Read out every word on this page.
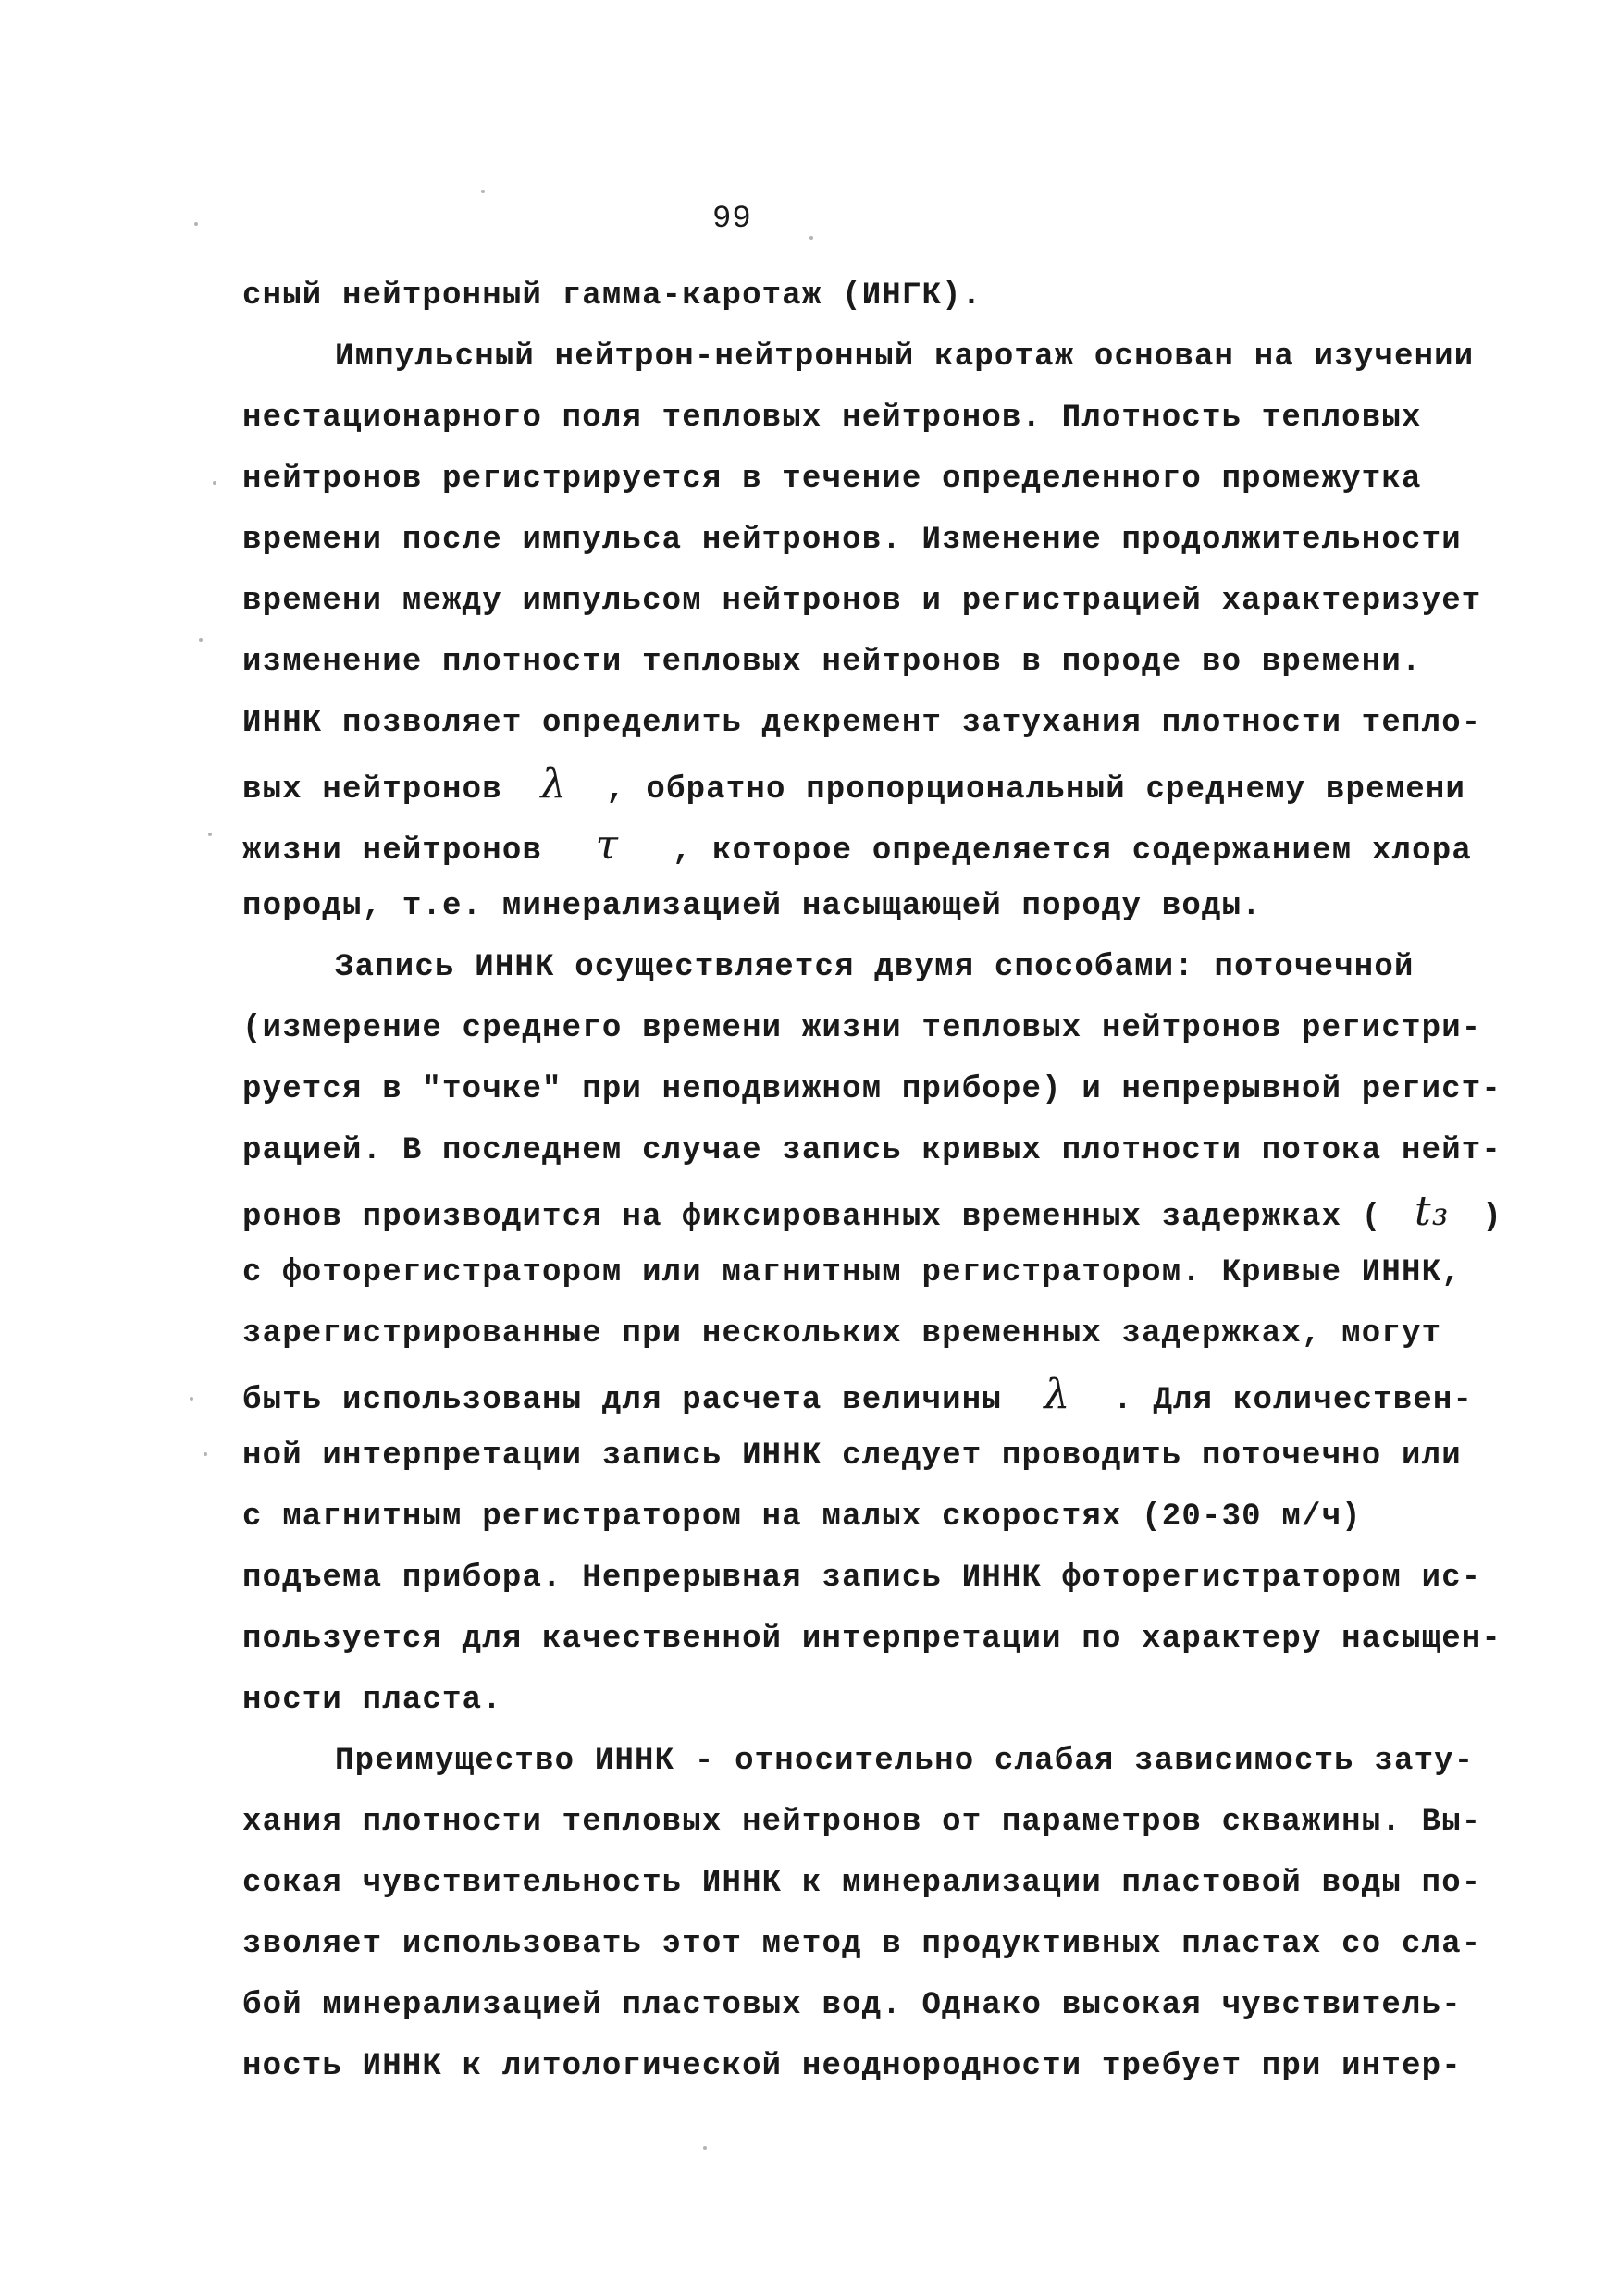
99
сный нейтронный гамма-каротаж (ИНГК).
Импульсный нейтрон-нейтронный каротаж основан на изучении
нестационарного поля тепловых нейтронов. Плотность тепловых
нейтронов регистрируется в течение определенного промежутка
времени после импульса нейтронов. Изменение продолжительности
времени между импульсом нейтронов и регистрацией характеризует
изменение плотности тепловых нейтронов в породе во времени.
ИННК позволяет определить декремент затухания плотности тепло-
вых нейтронов λ , обратно пропорциональный среднему времени
жизни нейтронов τ , которое определяется содержанием хлора
породы, т.е. минерализацией насыщающей породу воды.
Запись ИННК осуществляется двумя способами: поточечной
(измерение среднего времени жизни тепловых нейтронов регистри-
руется в "точке" при неподвижном приборе) и непрерывной регист-
рацией. В последнем случае запись кривых плотности потока нейт-
ронов производится на фиксированных временных задержках ( t₃ )
с фоторегистратором или магнитным регистратором. Кривые ИННК,
зарегистрированные при нескольких временных задержках, могут
быть использованы для расчета величины λ . Для количествен-
ной интерпретации запись ИННК следует проводить поточечно или
с магнитным регистратором на малых скоростях (20-30 м/ч)
подъема прибора. Непрерывная запись ИННК фоторегистратором ис-
пользуется для качественной интерпретации по характеру насыщен-
ности пласта.
Преимущество ИННК - относительно слабая зависимость зату-
хания плотности тепловых нейтронов от параметров скважины. Вы-
сокая чувствительность ИННК к минерализации пластовой воды по-
зволяет использовать этот метод в продуктивных пластах со сла-
бой минерализацией пластовых вод. Однако высокая чувствитель-
ность ИННК к литологической неоднородности требует при интер-
